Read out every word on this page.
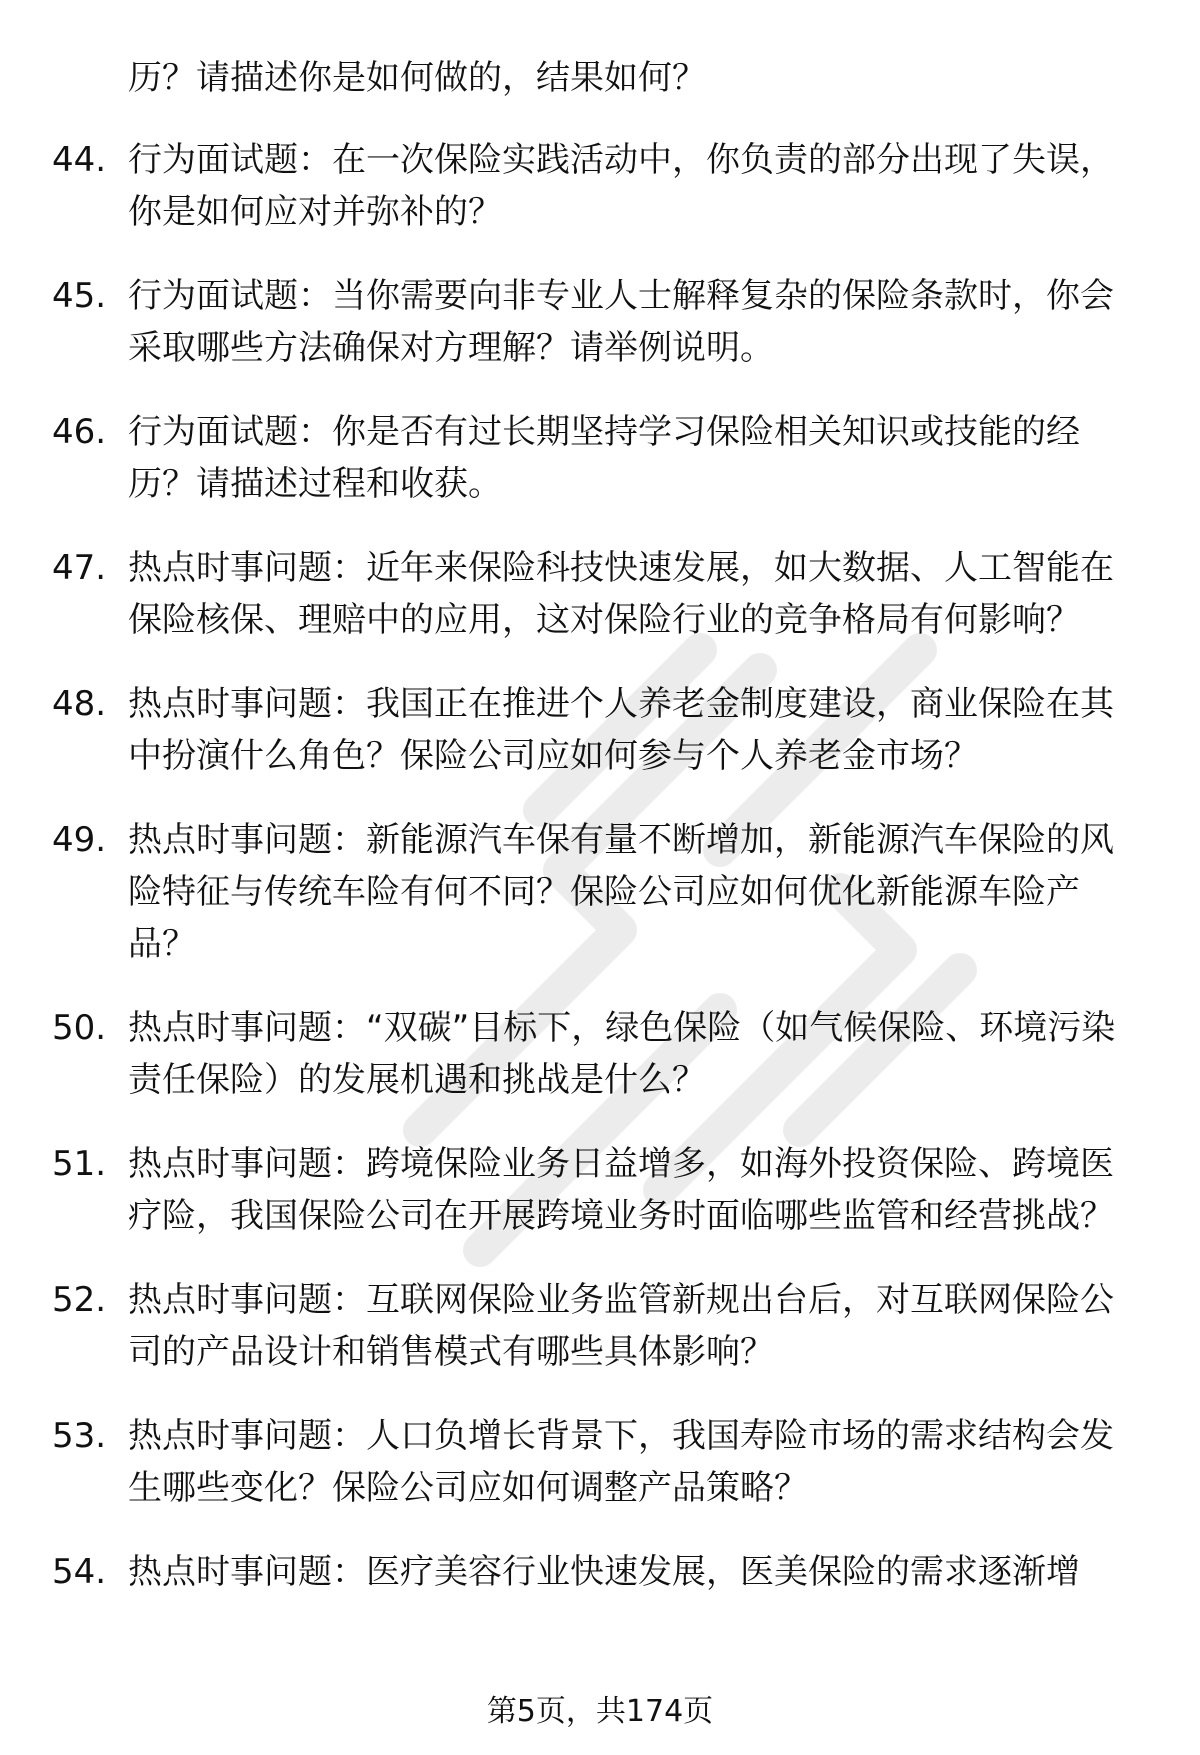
历？请描述你是如何做的，结果如何？

44. 行为面试题：在一次保险实践活动中，你负责的部分出现了失误，你是如何应对并弥补的？
45. 行为面试题：当你需要向非专业人士解释复杂的保险条款时，你会采取哪些方法确保对方理解？请举例说明。
46. 行为面试题：你是否有过长期坚持学习保险相关知识或技能的经历？请描述过程和收获。
47. 热点时事问题：近年来保险科技快速发展，如大数据、人工智能在保险核保、理赔中的应用，这对保险行业的竞争格局有何影响？
48. 热点时事问题：我国正在推进个人养老金制度建设，商业保险在其中扮演什么角色？保险公司应如何参与个人养老金市场？
49. 热点时事问题：新能源汽车保有量不断增加，新能源汽车保险的风险特征与传统车险有何不同？保险公司应如何优化新能源车险产品？
50. 热点时事问题：“双碳”目标下，绿色保险（如气候保险、环境污染责任保险）的发展机遇和挑战是什么？
51. 热点时事问题：跨境保险业务日益增多，如海外投资保险、跨境医疗险，我国保险公司在开展跨境业务时面临哪些监管和经营挑战？
52. 热点时事问题：互联网保险业务监管新规出台后，对互联网保险公司的产品设计和销售模式有哪些具体影响？
53. 热点时事问题：人口负增长背景下，我国寿险市场的需求结构会发生哪些变化？保险公司应如何调整产品策略？
54. 热点时事问题：医疗美容行业快速发展，医美保险的需求逐渐增
第5页，共174页
